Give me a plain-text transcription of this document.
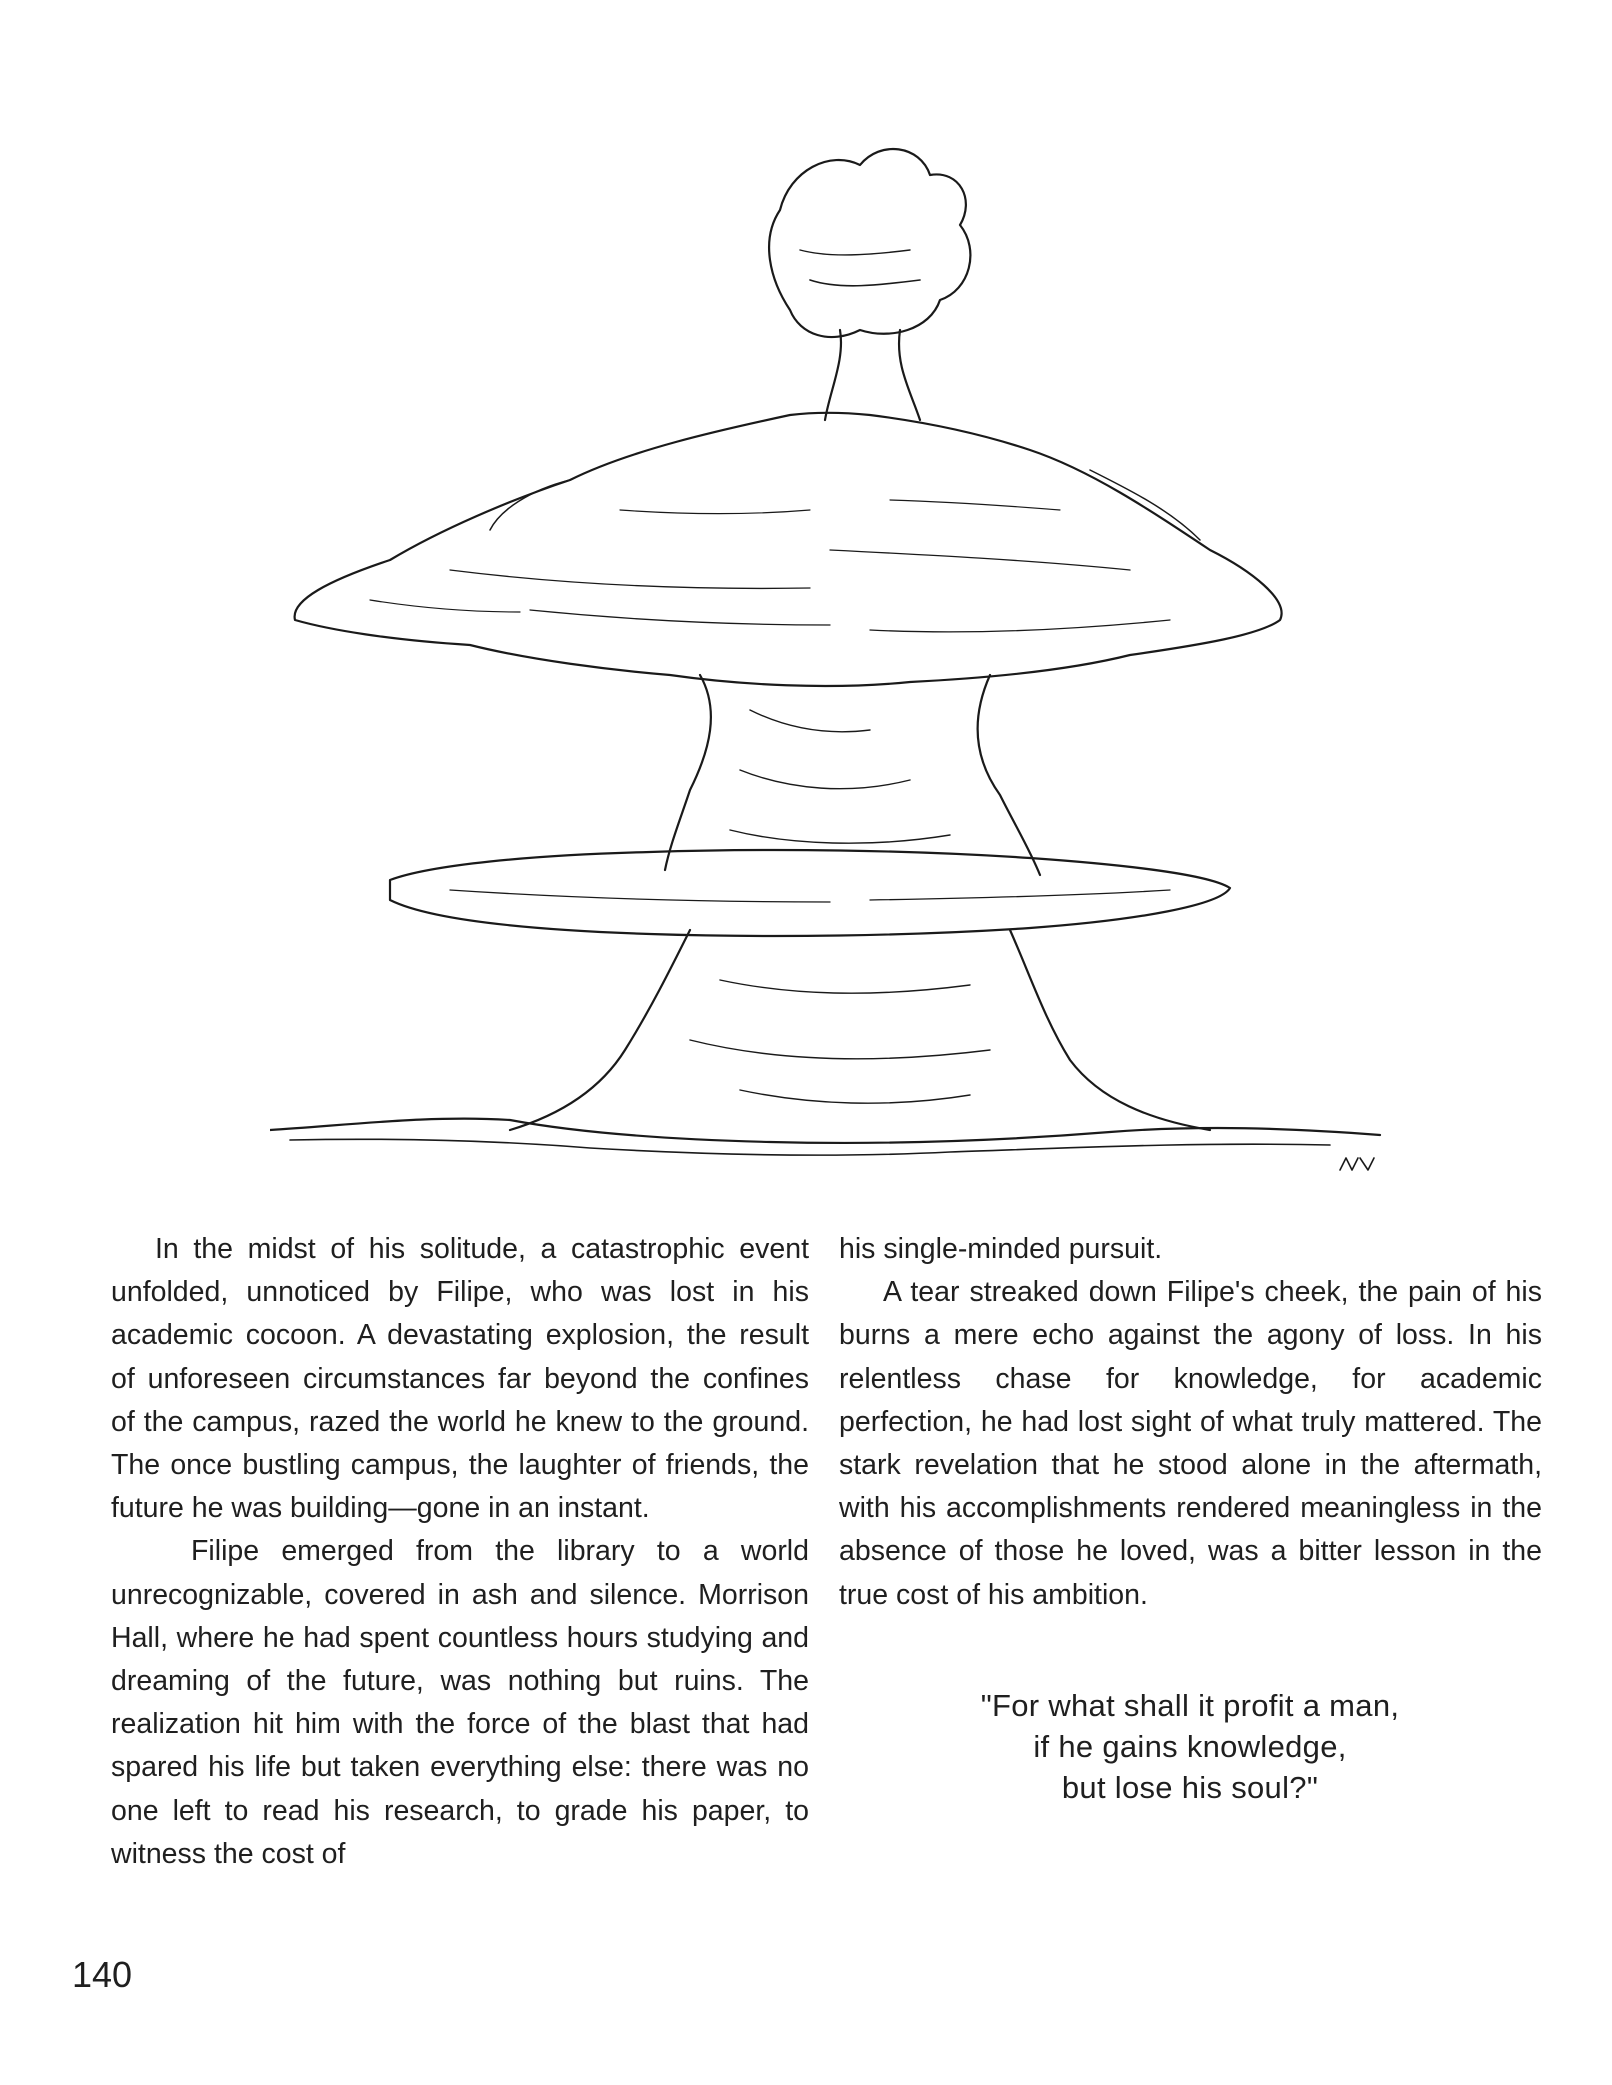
In the midst of his solitude, a catastrophic event unfolded, unnoticed by Filipe, who was lost in his academic cocoon. A devastating explosion, the result of unforeseen circumstances far beyond the confines of the campus, razed the world he knew to the ground. The once bustling campus, the laughter of friends, the future he was building—gone in an instant.

Filipe emerged from the library to a world unrecognizable, covered in ash and silence. Morrison Hall, where he had spent countless hours studying and dreaming of the future, was nothing but ruins. The realization hit him with the force of the blast that had spared his life but taken everything else: there was no one left to read his research, to grade his paper, to witness the cost of

his single-minded pursuit.

A tear streaked down Filipe's cheek, the pain of his burns a mere echo against the agony of loss. In his relentless chase for knowledge, for academic perfection, he had lost sight of what truly mattered. The stark revelation that he stood alone in the aftermath, with his accomplishments rendered meaningless in the absence of those he loved, was a bitter lesson in the true cost of his ambition.

"For what shall it profit a man,
if he gains knowledge,
but lose his soul?"
140
